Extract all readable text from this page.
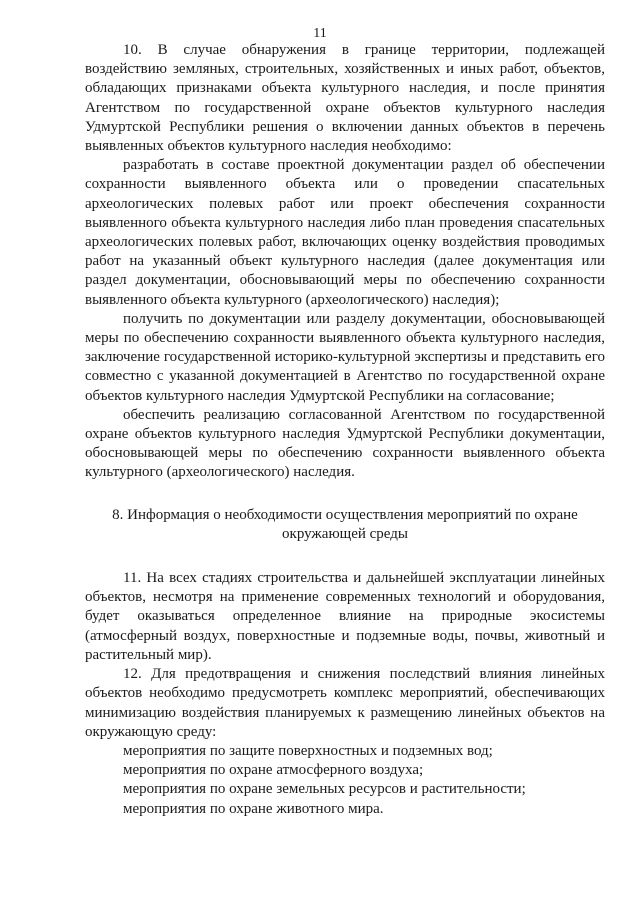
11

10. В случае обнаружения в границе территории, подлежащей воздействию земляных, строительных, хозяйственных и иных работ, объектов, обладающих признаками объекта культурного наследия, и после принятия Агентством по государственной охране объектов культурного наследия Удмуртской Республики решения о включении данных объектов в перечень выявленных объектов культурного наследия необходимо:

разработать в составе проектной документации раздел об обеспечении сохранности выявленного объекта или о проведении спасательных археологических полевых работ или проект обеспечения сохранности выявленного объекта культурного наследия либо план проведения спасательных археологических полевых работ, включающих оценку воздействия проводимых работ на указанный объект культурного наследия (далее документация или раздел документации, обосновывающий меры по обеспечению сохранности выявленного объекта культурного (археологического) наследия);

получить по документации или разделу документации, обосновывающей меры по обеспечению сохранности выявленного объекта культурного наследия, заключение государственной историко-культурной экспертизы и представить его совместно с указанной документацией в Агентство по государственной охране объектов культурного наследия Удмуртской Республики на согласование;

обеспечить реализацию согласованной Агентством по государственной охране объектов культурного наследия Удмуртской Республики документации, обосновывающей меры по обеспечению сохранности выявленного объекта культурного (археологического) наследия.

8. Информация о необходимости осуществления мероприятий по охране окружающей среды

11. На всех стадиях строительства и дальнейшей эксплуатации линейных объектов, несмотря на применение современных технологий и оборудования, будет оказываться определенное влияние на природные экосистемы (атмосферный воздух, поверхностные и подземные воды, почвы, животный и растительный мир).

12. Для предотвращения и снижения последствий влияния линейных объектов необходимо предусмотреть комплекс мероприятий, обеспечивающих минимизацию воздействия планируемых к размещению линейных объектов на окружающую среду:

мероприятия по защите поверхностных и подземных вод;

мероприятия по охране атмосферного воздуха;

мероприятия по охране земельных ресурсов и растительности;

мероприятия по охране животного мира.
